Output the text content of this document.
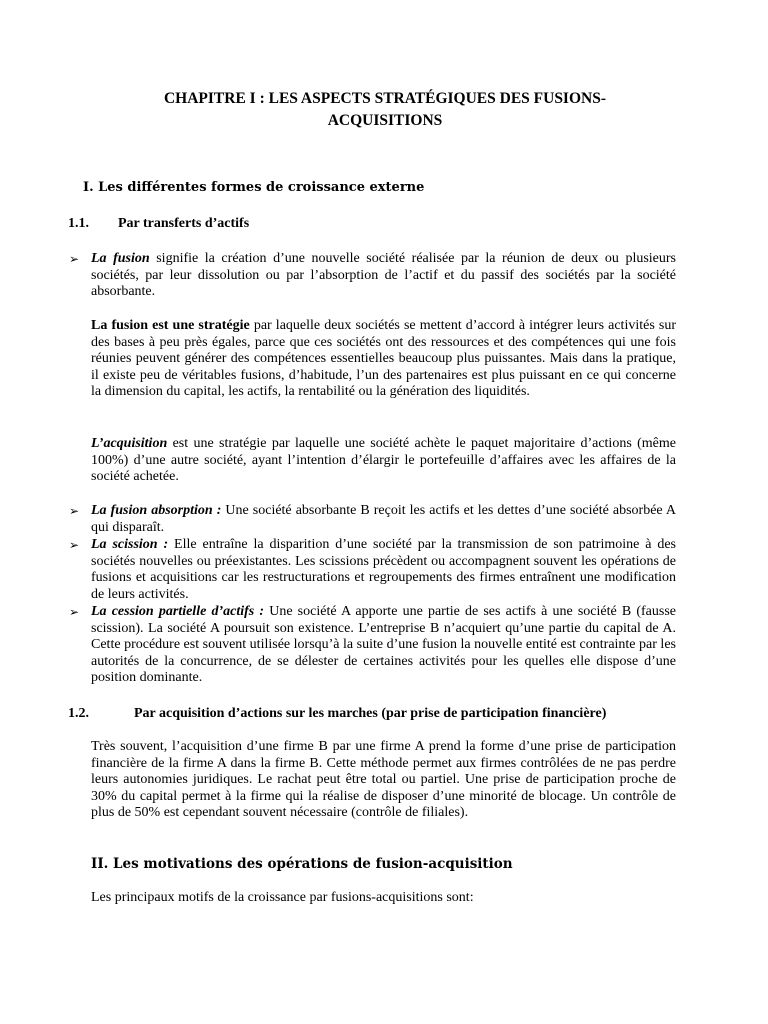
CHAPITRE I : LES ASPECTS STRATÉGIQUES DES FUSIONS-
ACQUISITIONS
I. Les différentes formes de croissance externe
1.1. Par transferts d’actifs
➢ La fusion signifie la création d’une nouvelle société réalisée par la réunion de deux ou plusieurs sociétés, par leur dissolution ou par l’absorption de l’actif et du passif des sociétés par la société absorbante.

La fusion est une stratégie par laquelle deux sociétés se mettent d’accord à intégrer leurs activités sur des bases à peu près égales, parce que ces sociétés ont des ressources et des compétences qui une fois réunies peuvent générer des compétences essentielles beaucoup plus puissantes. Mais dans la pratique, il existe peu de véritables fusions, d’habitude, l’un des partenaires est plus puissant en ce qui concerne la dimension du capital, les actifs, la rentabilité ou la génération des liquidités.

L’acquisition est une stratégie par laquelle une société achète le paquet majoritaire d’actions (même 100%) d’une autre société, ayant l’intention d’élargir le portefeuille d’affaires avec les affaires de la société achetée.

➢ La fusion absorption : Une société absorbante B reçoit les actifs et les dettes d’une société absorbée A qui disparaît.

➢ La scission : Elle entraîne la disparition d’une société par la transmission de son patrimoine à des sociétés nouvelles ou préexistantes. Les scissions précèdent ou accompagnent souvent les opérations de fusions et acquisitions car les restructurations et regroupements des firmes entraînent une modification de leurs activités.

➢ La cession partielle d’actifs : Une société A apporte une partie de ses actifs à une société B (fausse scission). La société A poursuit son existence. L’entreprise B n’acquiert qu’une partie du capital de A. Cette procédure est souvent utilisée lorsqu’à la suite d’une fusion la nouvelle entité est contrainte par les autorités de la concurrence, de se délester de certaines activités pour les quelles elle dispose d’une position dominante.

1.2.	Par acquisition d’actions sur les marches (par prise de participation financière)

Très souvent, l’acquisition d’une firme B par une firme A prend la forme d’une prise de participation financière de la firme A dans la firme B. Cette méthode permet aux firmes contrôlées de ne pas perdre leurs autonomies juridiques. Le rachat peut être total ou partiel. Une prise de participation proche de 30% du capital permet à la firme qui la réalise de disposer d’une minorité de blocage. Un contrôle de plus de 50% est cependant souvent nécessaire (contrôle de filiales).

II. Les motivations des opérations de fusion-acquisition

Les principaux motifs de la croissance par fusions-acquisitions sont:
